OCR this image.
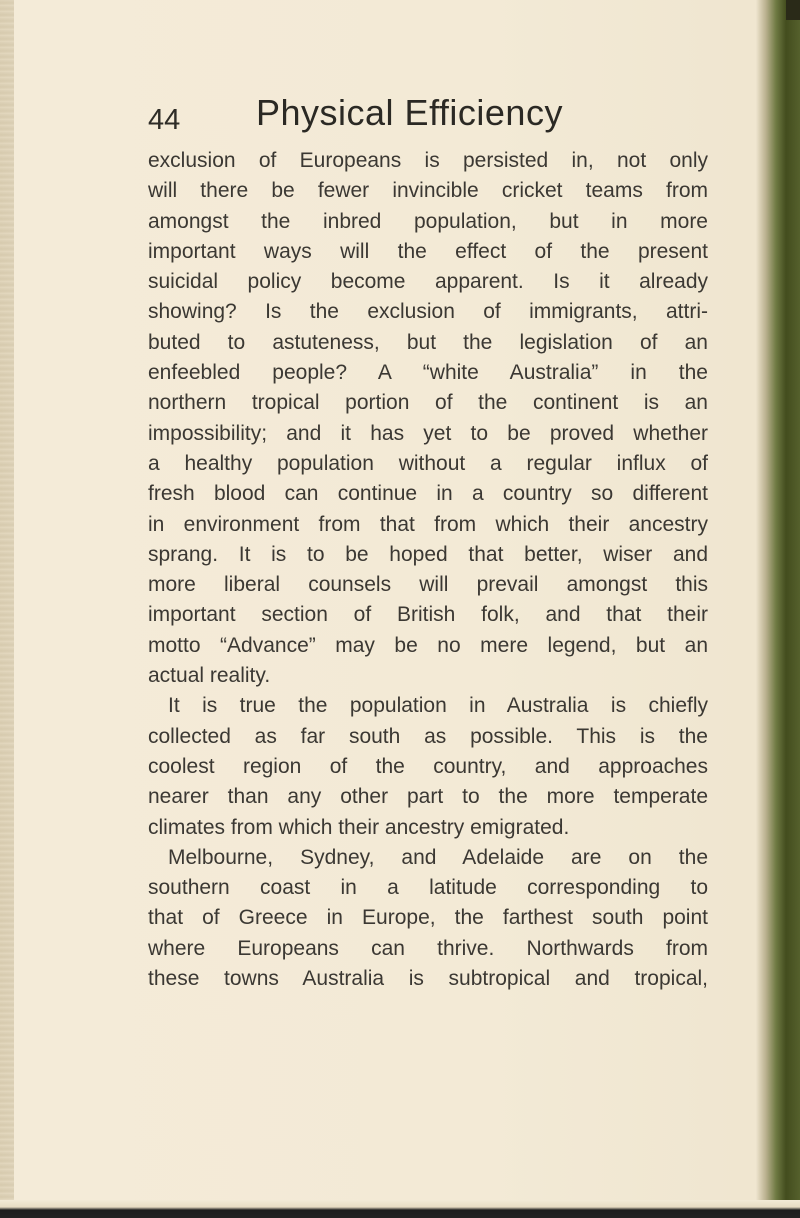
44 Physical Efficiency
exclusion of Europeans is persisted in, not only
will there be fewer invincible cricket teams from
amongst the inbred population, but in more
important ways will the effect of the present
suicidal policy become apparent. Is it already
showing? Is the exclusion of immigrants, attri-
buted to astuteness, but the legislation of an
enfeebled people? A “white Australia” in the
northern tropical portion of the continent is an
impossibility; and it has yet to be proved whether
a healthy population without a regular influx of
fresh blood can continue in a country so different
in environment from that from which their ancestry
sprang. It is to be hoped that better, wiser and
more liberal counsels will prevail amongst this
important section of British folk, and that their
motto “Advance” may be no mere legend, but an
actual reality.
It is true the population in Australia is chiefly
collected as far south as possible. This is the
coolest region of the country, and approaches
nearer than any other part to the more temperate
climates from which their ancestry emigrated.
Melbourne, Sydney, and Adelaide are on the
southern coast in a latitude corresponding to
that of Greece in Europe, the farthest south point
where Europeans can thrive. Northwards from
these towns Australia is subtropical and tropical,
